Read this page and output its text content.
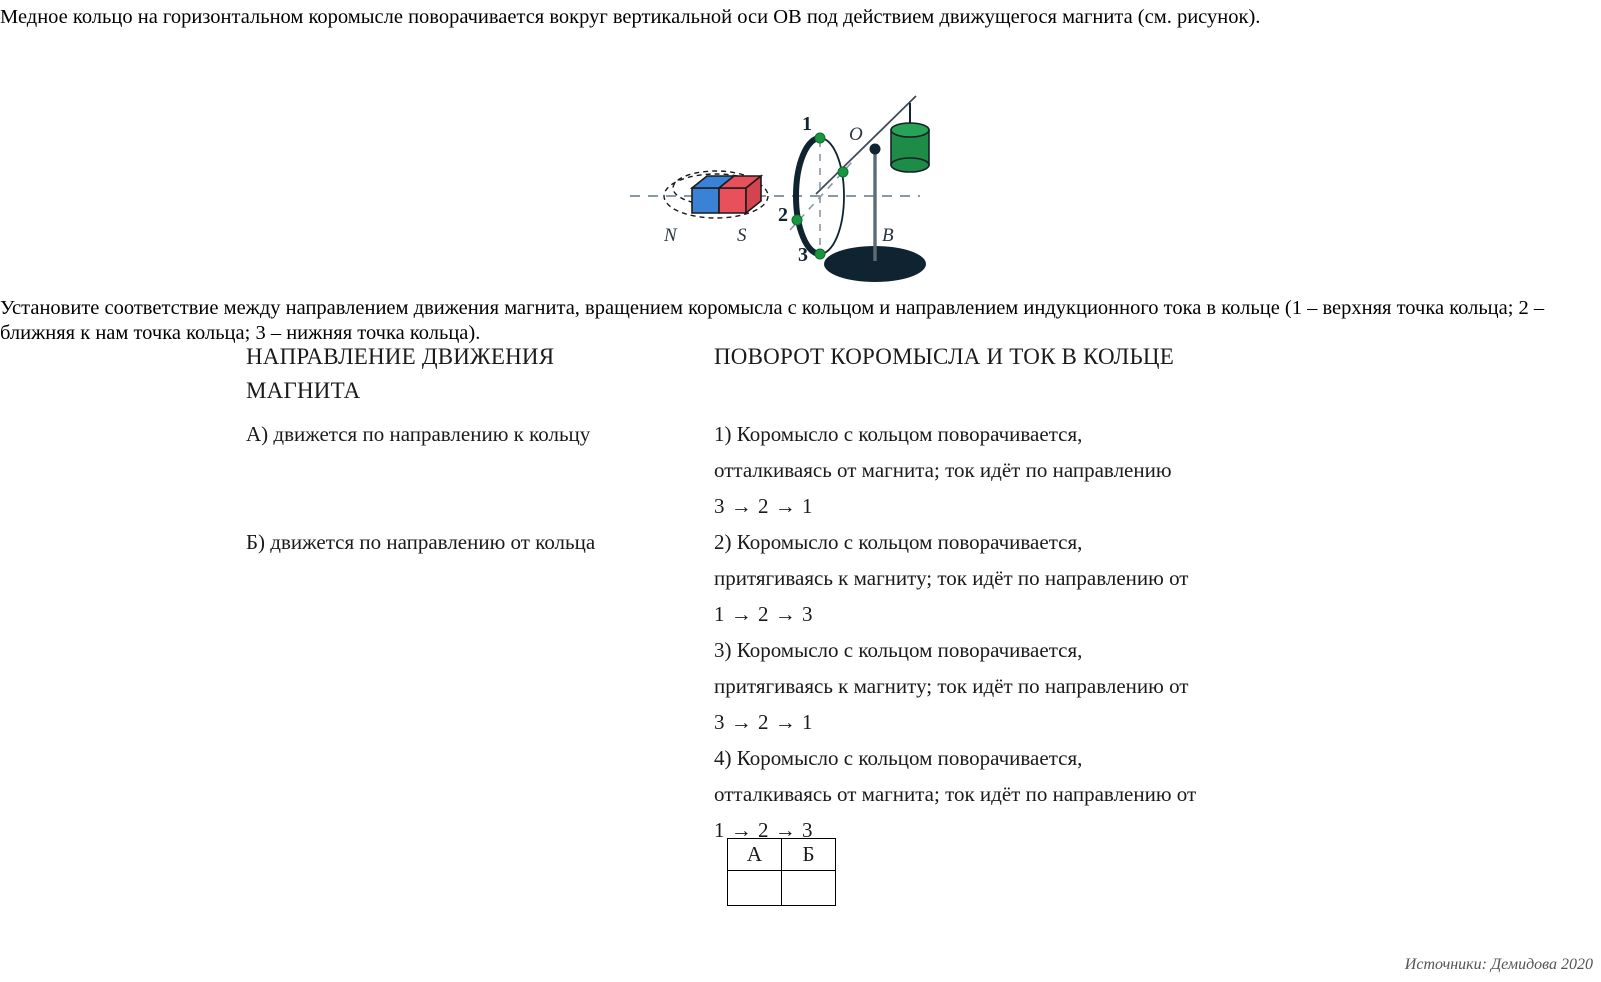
Медное кольцо на горизонтальном коромысле поворачивается вокруг вертикальной оси ОВ под действием движущегося магнита (см. рисунок).
N	S
O
B
1
2
3
Установите соответствие между направлением движения магнита, вращением коромысла с кольцом и направлением индукционного тока в кольце (1 – верхняя точка кольца; 2 – ближняя к нам точка кольца; 3 – нижняя точка кольца).
НАПРАВЛЕНИЕ ДВИЖЕНИЯ
МАГНИТА
ПОВОРОТ КОРОМЫСЛА И ТОК В КОЛЬЦЕ
А) движется по направлению к кольцу	1) Коромысло с кольцом поворачивается,
отталкиваясь от магнита; ток идёт по направлению
3 → 2 → 1
Б) движется по направлению от кольца	2) Коромысло с кольцом поворачивается,
притягиваясь к магниту; ток идёт по направлению от
1 → 2 → 3
3) Коромысло с кольцом поворачивается,
притягиваясь к магниту; ток идёт по направлению от
3 → 2 → 1
4) Коромысло с кольцом поворачивается,
отталкиваясь от магнита; ток идёт по направлению от
1 → 2 → 3
А	Б

Источники: Демидова 2020
